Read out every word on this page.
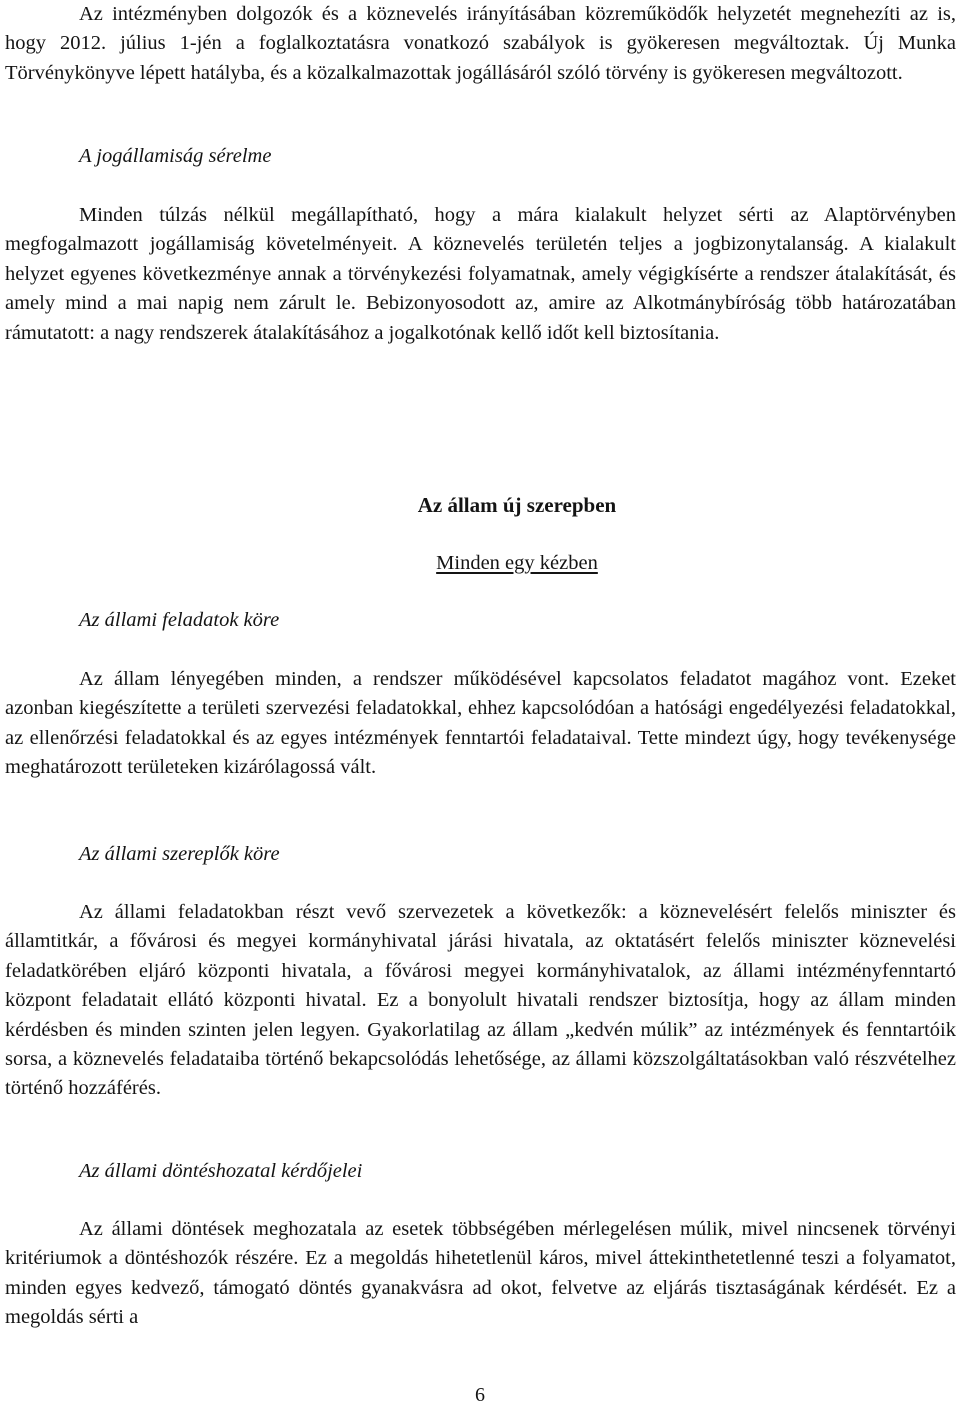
Az intézményben dolgozók és a köznevelés irányításában közreműködők helyzetét megnehezíti az is, hogy 2012. július 1-jén a foglalkoztatásra vonatkozó szabályok is gyökeresen megváltoztak. Új Munka Törvénykönyve lépett hatályba, és a közalkalmazottak jogállásáról szóló törvény is gyökeresen megváltozott.

A jogállamiság sérelme

Minden túlzás nélkül megállapítható, hogy a mára kialakult helyzet sérti az Alaptörvényben megfogalmazott jogállamiság követelményeit. A köznevelés területén teljes a jogbizonytalanság. A kialakult helyzet egyenes következménye annak a törvénykezési folyamatnak, amely végigkísérte a rendszer átalakítását, és amely mind a mai napig nem zárult le. Bebizonyosodott az, amire az Alkotmánybíróság több határozatában rámutatott: a nagy rendszerek átalakításához a jogalkotónak kellő időt kell biztosítania.

Az állam új szerepben

Minden egy kézben

Az állami feladatok köre

Az állam lényegében minden, a rendszer működésével kapcsolatos feladatot magához vont. Ezeket azonban kiegészítette a területi szervezési feladatokkal, ehhez kapcsolódóan a hatósági engedélyezési feladatokkal, az ellenőrzési feladatokkal és az egyes intézmények fenntartói feladataival. Tette mindezt úgy, hogy tevékenysége meghatározott területeken kizárólagossá vált.

Az állami szereplők köre

Az állami feladatokban részt vevő szervezetek a következők: a köznevelésért felelős miniszter és államtitkár, a fővárosi és megyei kormányhivatal járási hivatala, az oktatásért felelős miniszter köznevelési feladatkörében eljáró központi hivatala, a fővárosi megyei kormányhivatalok, az állami intézményfenntartó központ feladatait ellátó központi hivatal. Ez a bonyolult hivatali rendszer biztosítja, hogy az állam minden kérdésben és minden szinten jelen legyen. Gyakorlatilag az állam „kedvén múlik” az intézmények és fenntartóik sorsa, a köznevelés feladataiba történő bekapcsolódás lehetősége, az állami közszolgáltatásokban való részvételhez történő hozzáférés.

Az állami döntéshozatal kérdőjelei

Az állami döntések meghozatala az esetek többségében mérlegelésen múlik, mivel nincsenek törvényi kritériumok a döntéshozók részére. Ez a megoldás hihetetlenül káros, mivel áttekinthetetlenné teszi a folyamatot, minden egyes kedvező, támogató döntés gyanakvásra ad okot, felvetve az eljárás tisztaságának kérdését. Ez a megoldás sérti a

6
